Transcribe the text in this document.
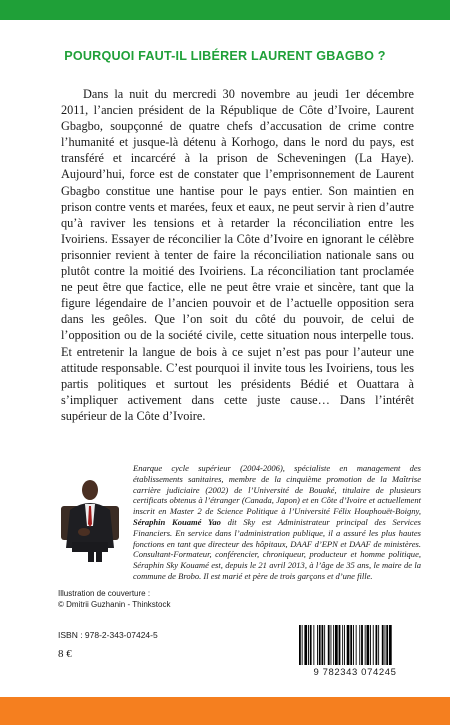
POURQUOI FAUT-IL LIBÉRER LAURENT GBAGBO ?

Dans la nuit du mercredi 30 novembre au jeudi 1er décembre 2011, l’ancien président de la République de Côte d’Ivoire, Laurent Gbagbo, soupçonné de quatre chefs d’accusation de crime contre l’humanité et jusque-là détenu à Korhogo, dans le nord du pays, est transféré et incarcéré à la prison de Scheveningen (La Haye). Aujourd’hui, force est de constater que l’emprisonnement de Laurent Gbagbo constitue une hantise pour le pays entier. Son maintien en prison contre vents et marées, feux et eaux, ne peut servir à rien d’autre qu’à raviver les tensions et à retarder la réconciliation entre les Ivoiriens. Essayer de réconcilier la Côte d’Ivoire en ignorant le célèbre prisonnier revient à tenter de faire la réconciliation nationale sans ou plutôt contre la moitié des Ivoiriens. La réconciliation tant proclamée ne peut être que factice, elle ne peut être vraie et sincère, tant que la figure légendaire de l’ancien pouvoir et de l’actuelle opposition sera dans les geôles. Que l’on soit du côté du pouvoir, de celui de l’opposition ou de la société civile, cette situation nous interpelle tous. Et entretenir la langue de bois à ce sujet n’est pas pour l’auteur une attitude responsable. C’est pourquoi il invite tous les Ivoiriens, tous les partis politiques et surtout les présidents Bédié et Ouattara à s’impliquer activement dans cette juste cause… Dans l’intérêt supérieur de la Côte d’Ivoire.

Enarque cycle supérieur (2004-2006), spécialiste en management des établissements sanitaires, membre de la cinquième promotion de la Maîtrise carrière judiciaire (2002) de l’Université de Bouaké, titulaire de plusieurs certificats obtenus à l’étranger (Canada, Japon) et en Côte d’Ivoire et actuellement inscrit en Master 2 de Science Politique à l’Université Félix Houphouët-Boigny, Séraphin Kouamé Yao dit Sky est Administrateur principal des Services Financiers. En service dans l’administration publique, il a assuré les plus hautes fonctions en tant que directeur des hôpitaux, DAAF d’EPN et DAAF de ministères. Consultant-Formateur, conférencier, chroniqueur, producteur et homme politique, Séraphin Sky Kouamé est, depuis le 21 avril 2013, à l’âge de 35 ans, le maire de la commune de Brobo. Il est marié et père de trois garçons et d’une fille.

Illustration de couverture :
© Dmitrii Guzhanin - Thinkstock
ISBN : 978-2-343-07424-5
8 €
9 782343 074245
